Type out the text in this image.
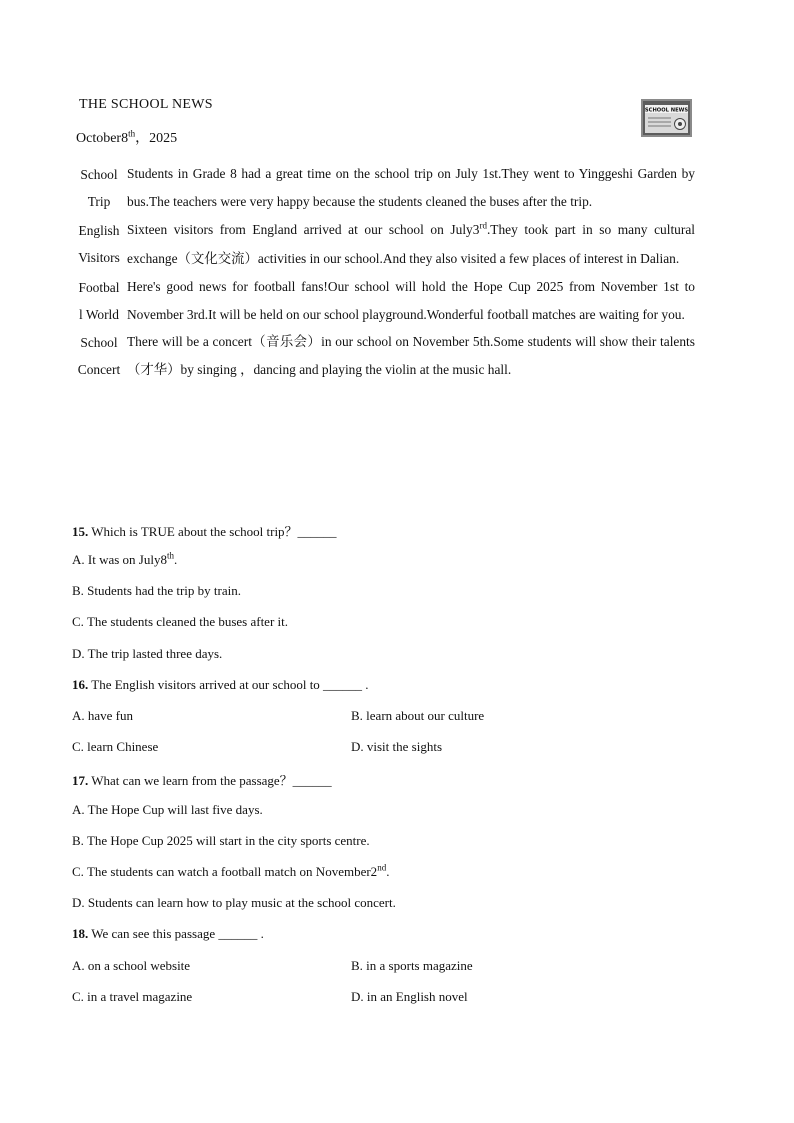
THE SCHOOL NEWS
October8th，2025
SCHOOL NEWS
School
Trip	Students in Grade 8 had a great time on the school trip on July 1st.They went to Yinggeshi Garden by bus.The teachers were very happy because the students cleaned the buses after the trip.
English
Visitors	Sixteen visitors from England arrived at our school on July3rd.They took part in so many cultural exchange（文化交流）activities in our school.And they also visited a few places of interest in Dalian.
Footbal
l World	Here's good news for football fans!Our school will hold the Hope Cup 2025 from November 1st to November 3rd.It will be held on our school playground.Wonderful football matches are waiting for you.
School
Concert	There will be a concert（音乐会）in our school on November 5th.Some students will show their talents（才华）by singing ，dancing and playing the violin at the music hall.
15. Which is TRUE about the school trip？______
A. It was on July8th.
B. Students had the trip by train.
C. The students cleaned the buses after it.
D. The trip lasted three days.
16. The English visitors arrived at our school to ______ .
A. have fun	B. learn about our culture
C. learn Chinese	D. visit the sights
17. What can we learn from the passage？______
A. The Hope Cup will last five days.
B. The Hope Cup 2025 will start in the city sports centre.
C. The students can watch a football match on November2nd.
D. Students can learn how to play music at the school concert.
18. We can see this passage ______ .
A. on a school website	B. in a sports magazine
C. in a travel magazine	D. in an English novel
